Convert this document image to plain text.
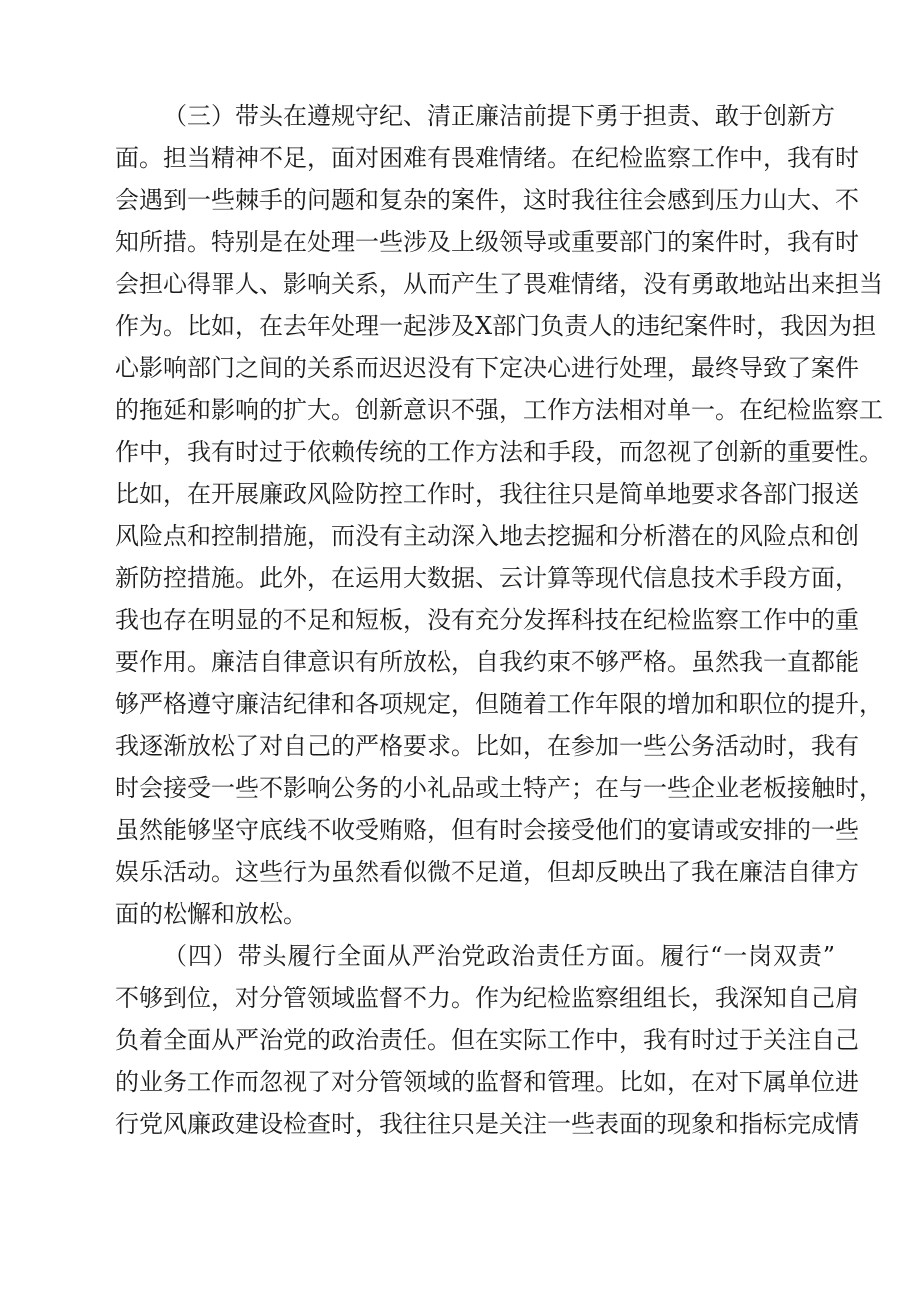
（三）带头在遵规守纪、清正廉洁前提下勇于担责、敢于创新方
面。担当精神不足，面对困难有畏难情绪。在纪检监察工作中，我有时
会遇到一些棘手的问题和复杂的案件，这时我往往会感到压力山大、不
知所措。特别是在处理一些涉及上级领导或重要部门的案件时，我有时
会担心得罪人、影响关系，从而产生了畏难情绪，没有勇敢地站出来担当
作为。比如，在去年处理一起涉及X部门负责人的违纪案件时，我因为担
心影响部门之间的关系而迟迟没有下定决心进行处理，最终导致了案件
的拖延和影响的扩大。创新意识不强，工作方法相对单一。在纪检监察工
作中，我有时过于依赖传统的工作方法和手段，而忽视了创新的重要性。
比如，在开展廉政风险防控工作时，我往往只是简单地要求各部门报送
风险点和控制措施，而没有主动深入地去挖掘和分析潜在的风险点和创
新防控措施。此外，在运用大数据、云计算等现代信息技术手段方面，
我也存在明显的不足和短板，没有充分发挥科技在纪检监察工作中的重
要作用。廉洁自律意识有所放松，自我约束不够严格。虽然我一直都能
够严格遵守廉洁纪律和各项规定，但随着工作年限的增加和职位的提升，
我逐渐放松了对自己的严格要求。比如，在参加一些公务活动时，我有
时会接受一些不影响公务的小礼品或土特产；在与一些企业老板接触时，
虽然能够坚守底线不收受贿赂，但有时会接受他们的宴请或安排的一些
娱乐活动。这些行为虽然看似微不足道，但却反映出了我在廉洁自律方
面的松懈和放松。
（四）带头履行全面从严治党政治责任方面。履行“一岗双责”
不够到位，对分管领域监督不力。作为纪检监察组组长，我深知自己肩
负着全面从严治党的政治责任。但在实际工作中，我有时过于关注自己
的业务工作而忽视了对分管领域的监督和管理。比如，在对下属单位进
行党风廉政建设检查时，我往往只是关注一些表面的现象和指标完成情
